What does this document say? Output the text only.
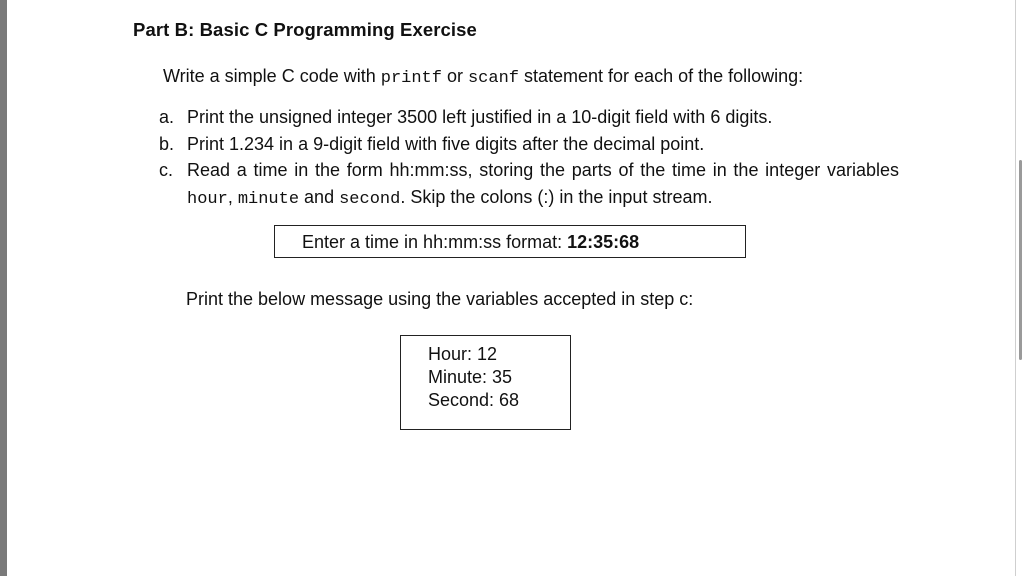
Part B: Basic C Programming Exercise
Write a simple C code with printf or scanf statement for each of the following:
a. Print the unsigned integer 3500 left justified in a 10-digit field with 6 digits.
b. Print 1.234 in a 9-digit field with five digits after the decimal point.
c. Read a time in the form hh:mm:ss, storing the parts of the time in the integer variables hour, minute and second. Skip the colons (:) in the input stream.
Enter a time in hh:mm:ss format: 12:35:68
Print the below message using the variables accepted in step c:
Hour: 12
Minute: 35
Second: 68
